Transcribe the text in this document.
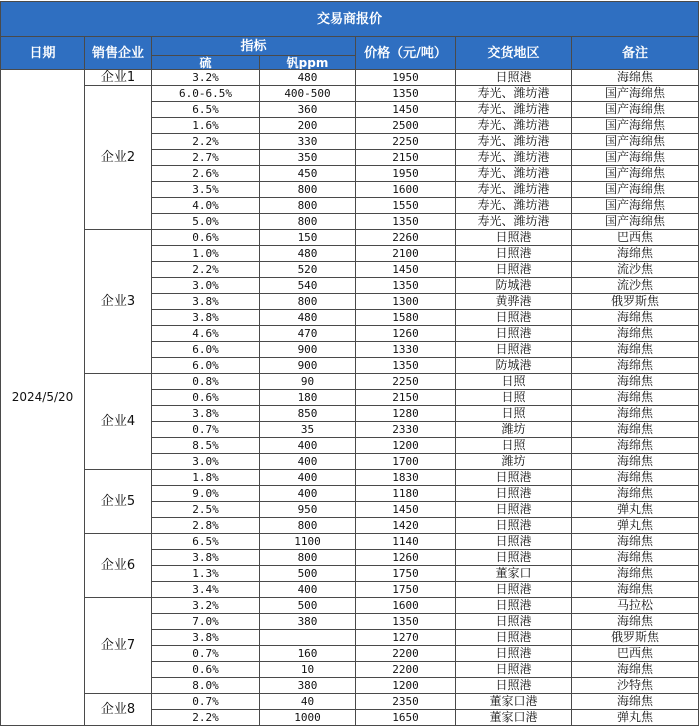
交易商报价						
日期	销售企业	指标		价格（元/吨）	交货地区	备注
		硫	钒ppm			
2024/5/20	企业1	3.2%	480	1950	日照港	海绵焦
	企业2	6.0-6.5%	400-500	1350	寿光、潍坊港	国产海绵焦
		6.5%	360	1450	寿光、潍坊港	国产海绵焦
		1.6%	200	2500	寿光、潍坊港	国产海绵焦
		2.2%	330	2250	寿光、潍坊港	国产海绵焦
		2.7%	350	2150	寿光、潍坊港	国产海绵焦
		2.6%	450	1950	寿光、潍坊港	国产海绵焦
		3.5%	800	1600	寿光、潍坊港	国产海绵焦
		4.0%	800	1550	寿光、潍坊港	国产海绵焦
		5.0%	800	1350	寿光、潍坊港	国产海绵焦
	企业3	0.6%	150	2260	日照港	巴西焦
		1.0%	480	2100	日照港	海绵焦
		2.2%	520	1450	日照港	流沙焦
		3.0%	540	1350	防城港	流沙焦
		3.8%	800	1300	黄骅港	俄罗斯焦
		3.8%	480	1580	日照港	海绵焦
		4.6%	470	1260	日照港	海绵焦
		6.0%	900	1330	日照港	海绵焦
		6.0%	900	1350	防城港	海绵焦
	企业4	0.8%	90	2250	日照	海绵焦
		0.6%	180	2150	日照	海绵焦
		3.8%	850	1280	日照	海绵焦
		0.7%	35	2330	潍坊	海绵焦
		8.5%	400	1200	日照	海绵焦
		3.0%	400	1700	潍坊	海绵焦
	企业5	1.8%	400	1830	日照港	海绵焦
		9.0%	400	1180	日照港	海绵焦
		2.5%	950	1450	日照港	弹丸焦
		2.8%	800	1420	日照港	弹丸焦
	企业6	6.5%	1100	1140	日照港	海绵焦
		3.8%	800	1260	日照港	海绵焦
		1.3%	500	1750	董家口	海绵焦
		3.4%	400	1750	日照港	海绵焦
	企业7	3.2%	500	1600	日照港	马拉松
		7.0%	380	1350	日照港	海绵焦
		3.8%		1270	日照港	俄罗斯焦
		0.7%	160	2200	日照港	巴西焦
		0.6%	10	2200	日照港	海绵焦
		8.0%	380	1200	日照港	沙特焦
	企业8	0.7%	40	2350	董家口港	海绵焦
		2.2%	1000	1650	董家口港	弹丸焦
